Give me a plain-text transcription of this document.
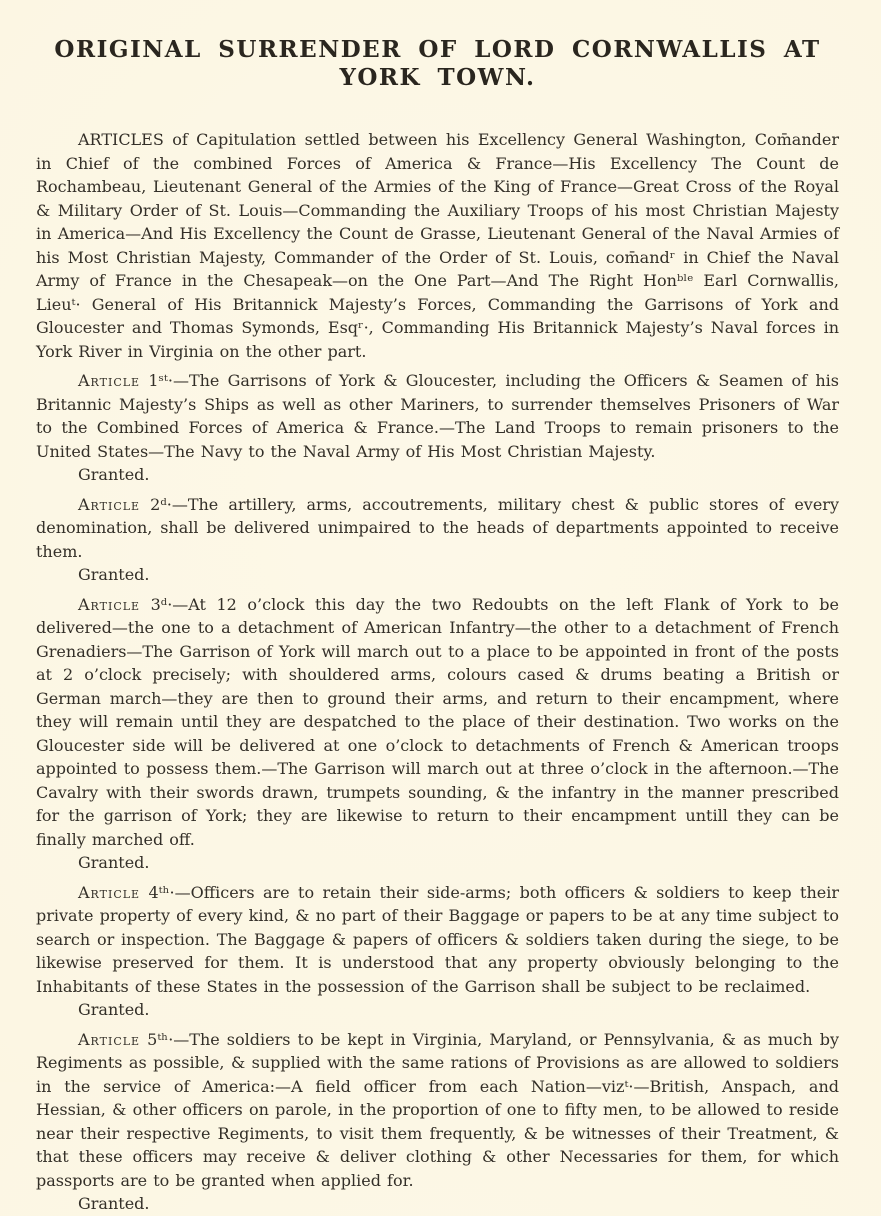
ORIGINAL SURRENDER OF LORD CORNWALLIS AT YORK TOWN.

ARTICLES of Capitulation settled between his Excellency General Washington, Com̄ander in Chief of the combined Forces of America & France—His Excellency The Count de Rochambeau, Lieutenant General of the Armies of the King of France—Great Cross of the Royal & Military Order of St. Louis—Commanding the Auxiliary Troops of his most Christian Majesty in America—And His Excellency the Count de Grasse, Lieutenant General of the Naval Armies of his Most Christian Majesty, Commander of the Order of St. Louis, com̄andʳ in Chief the Naval Army of France in the Chesapeak—on the One Part—And The Right Honᵇˡᵉ Earl Cornwallis, Lieuᵗ· General of His Britannick Majesty’s Forces, Commanding the Garrisons of York and Gloucester and Thomas Symonds, Esqʳ·, Commanding His Britannick Majesty’s Naval forces in York River in Virginia on the other part.

Article 1ˢᵗ·—The Garrisons of York & Gloucester, including the Officers & Seamen of his Britannic Majesty’s Ships as well as other Mariners, to surrender themselves Prisoners of War to the Combined Forces of America & France.—The Land Troops to remain prisoners to the United States—The Navy to the Naval Army of His Most Christian Majesty.

Granted.

Article 2ᵈ·—The artillery, arms, accoutrements, military chest & public stores of every denomination, shall be delivered unimpaired to the heads of departments appointed to receive them.

Granted.

Article 3ᵈ·—At 12 o’clock this day the two Redoubts on the left Flank of York to be delivered—the one to a detachment of American Infantry—the other to a detachment of French Grenadiers—The Garrison of York will march out to a place to be appointed in front of the posts at 2 o’clock precisely; with shouldered arms, colours cased & drums beating a British or German march—they are then to ground their arms, and return to their encampment, where they will remain until they are despatched to the place of their destination. Two works on the Gloucester side will be delivered at one o’clock to detachments of French & American troops appointed to possess them.—The Garrison will march out at three o’clock in the afternoon.—The Cavalry with their swords drawn, trumpets sounding, & the infantry in the manner prescribed for the garrison of York; they are likewise to return to their encampment untill they can be finally marched off.

Granted.

Article 4ᵗʰ·—Officers are to retain their side-arms; both officers & soldiers to keep their private property of every kind, & no part of their Baggage or papers to be at any time subject to search or inspection. The Baggage & papers of officers & soldiers taken during the siege, to be likewise preserved for them. It is understood that any property obviously belonging to the Inhabitants of these States in the possession of the Garrison shall be subject to be reclaimed.

Granted.

Article 5ᵗʰ·—The soldiers to be kept in Virginia, Maryland, or Pennsylvania, & as much by Regiments as possible, & supplied with the same rations of Provisions as are allowed to soldiers in the service of America:—A field officer from each Nation—vizᵗ·—British, Anspach, and Hessian, & other officers on parole, in the proportion of one to fifty men, to be allowed to reside near their respective Regiments, to visit them frequently, & be witnesses of their Treatment, & that these officers may receive & deliver clothing & other Necessaries for them, for which passports are to be granted when applied for.

Granted.
